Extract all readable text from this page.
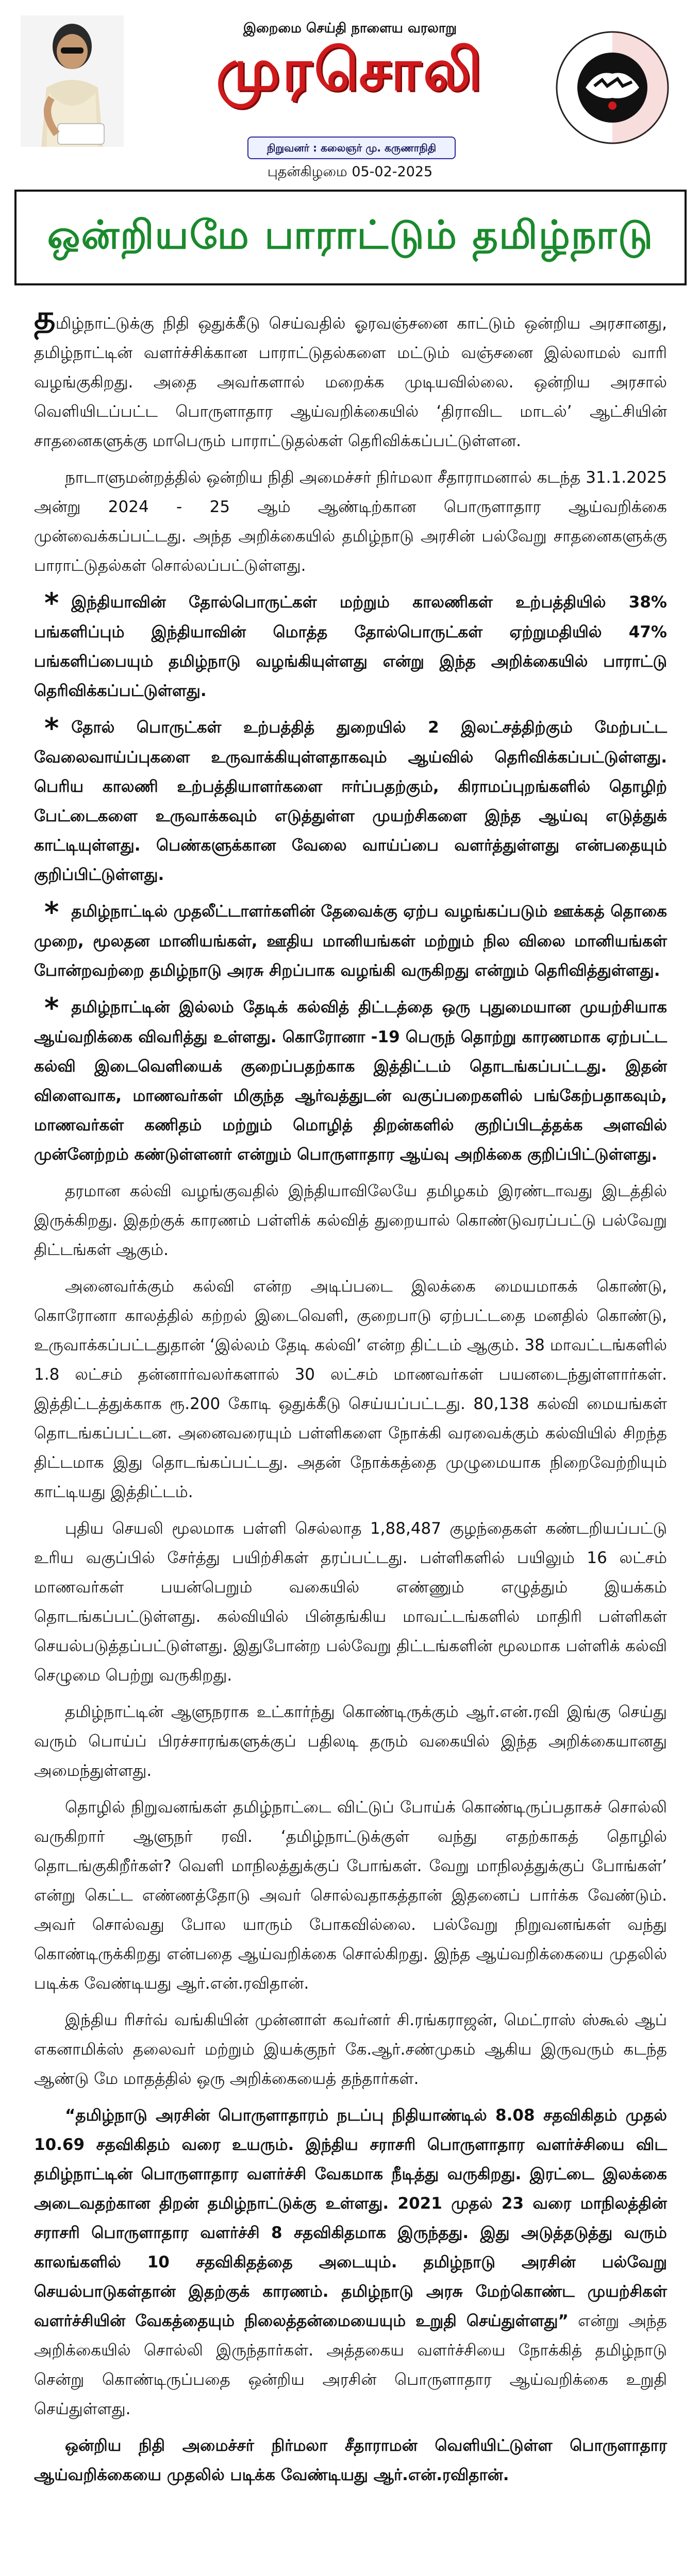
இறைமை செய்தி நாளைய வரலாறு
முரசொலி
நிறுவனர் : கலைஞர் மு. கருணாநிதி
புதன்கிழமை 05-02-2025
ஒன்றியமே பாராட்டும் தமிழ்நாடு

தமிழ்நாட்டுக்கு நிதி ஒதுக்கீடு செய்வதில் ஓரவஞ்சனை காட்டும் ஒன்றிய அரசானது, தமிழ்நாட்டின் வளர்ச்சிக்கான பாராட்டுதல்களை மட்டும் வஞ்சனை இல்லாமல் வாரி வழங்குகிறது. அதை அவர்களால் மறைக்க முடியவில்லை. ஒன்றிய அரசால் வெளியிடப்பட்ட பொருளாதார ஆய்வறிக்கையில் ‘திராவிட மாடல்’ ஆட்சியின் சாதனைகளுக்கு மாபெரும் பாராட்டுதல்கள் தெரிவிக்கப்பட்டுள்ளன.

நாடாளுமன்றத்தில் ஒன்றிய நிதி அமைச்சர் நிர்மலா சீதாராமனால் கடந்த 31.1.2025 அன்று 2024 - 25 ஆம் ஆண்டிற்கான பொருளாதார ஆய்வறிக்கை முன்வைக்கப்பட்டது. அந்த அறிக்கையில் தமிழ்நாடு அரசின் பல்வேறு சாதனைகளுக்கு பாராட்டுதல்கள் சொல்லப்பட்டுள்ளது.

* இந்தியாவின் தோல்பொருட்கள் மற்றும் காலணிகள் உற்பத்தியில் 38% பங்களிப்பும் இந்தியாவின் மொத்த தோல்பொருட்கள் ஏற்றுமதியில் 47% பங்களிப்பையும் தமிழ்நாடு வழங்கியுள்ளது என்று இந்த அறிக்கையில் பாராட்டு தெரிவிக்கப்பட்டுள்ளது.

* தோல் பொருட்கள் உற்பத்தித் துறையில் 2 இலட்சத்திற்கும் மேற்பட்ட வேலைவாய்ப்புகளை உருவாக்கியுள்ளதாகவும் ஆய்வில் தெரிவிக்கப்பட்டுள்ளது. பெரிய காலணி உற்பத்தியாளர்களை ஈர்ப்பதற்கும், கிராமப்புறங்களில் தொழிற் பேட்டைகளை உருவாக்கவும் எடுத்துள்ள முயற்சிகளை இந்த ஆய்வு எடுத்துக் காட்டியுள்ளது. பெண்களுக்கான வேலை வாய்ப்பை வளர்த்துள்ளது என்பதையும் குறிப்பிட்டுள்ளது.

* தமிழ்நாட்டில் முதலீட்டாளர்களின் தேவைக்கு ஏற்ப வழங்கப்படும் ஊக்கத் தொகை முறை, மூலதன மானியங்கள், ஊதிய மானியங்கள் மற்றும் நில விலை மானியங்கள் போன்றவற்றை தமிழ்நாடு அரசு சிறப்பாக வழங்கி வருகிறது என்றும் தெரிவித்துள்ளது.

* தமிழ்நாட்டின் இல்லம் தேடிக் கல்வித் திட்டத்தை ஒரு புதுமையான முயற்சியாக ஆய்வறிக்கை விவரித்து உள்ளது. கொரோனா -19 பெருந் தொற்று காரணமாக ஏற்பட்ட கல்வி இடைவெளியைக் குறைப்பதற்காக இத்திட்டம் தொடங்கப்பட்டது. இதன் விளைவாக, மாணவர்கள் மிகுந்த ஆர்வத்துடன் வகுப்பறைகளில் பங்கேற்பதாகவும், மாணவர்கள் கணிதம் மற்றும் மொழித் திறன்களில் குறிப்பிடத்தக்க அளவில் முன்னேற்றம் கண்டுள்ளனர் என்றும் பொருளாதார ஆய்வு அறிக்கை குறிப்பிட்டுள்ளது.

தரமான கல்வி வழங்குவதில் இந்தியாவிலேயே தமிழகம் இரண்டாவது இடத்தில் இருக்கிறது. இதற்குக் காரணம் பள்ளிக் கல்வித் துறையால் கொண்டுவரப்பட்டு பல்வேறு திட்டங்கள் ஆகும்.

அனைவர்க்கும் கல்வி என்ற அடிப்படை இலக்கை மையமாகக் கொண்டு, கொரோனா காலத்தில் கற்றல் இடைவெளி, குறைபாடு ஏற்பட்டதை மனதில் கொண்டு, உருவாக்கப்பட்டதுதான் ‘இல்லம் தேடி கல்வி’ என்ற திட்டம் ஆகும். 38 மாவட்டங்களில் 1.8 லட்சம் தன்னார்வலர்களால் 30 லட்சம் மாணவர்கள் பயனடைந்துள்ளார்கள். இத்திட்டத்துக்காக ரூ.200 கோடி ஒதுக்கீடு செய்யப்பட்டது. 80,138 கல்வி மையங்கள் தொடங்கப்பட்டன. அனைவரையும் பள்ளிகளை நோக்கி வரவைக்கும் கல்வியில் சிறந்த திட்டமாக இது தொடங்கப்பட்டது. அதன் நோக்கத்தை முழுமையாக நிறைவேற்றியும் காட்டியது இத்திட்டம்.

புதிய செயலி மூலமாக பள்ளி செல்லாத 1,88,487 குழந்தைகள் கண்டறியப்பட்டு உரிய வகுப்பில் சேர்த்து பயிற்சிகள் தரப்பட்டது. பள்ளிகளில் பயிலும் 16 லட்சம் மாணவர்கள் பயன்பெறும் வகையில் எண்ணும் எழுத்தும் இயக்கம் தொடங்கப்பட்டுள்ளது. கல்வியில் பின்தங்கிய மாவட்டங்களில் மாதிரி பள்ளிகள் செயல்படுத்தப்பட்டுள்ளது. இதுபோன்ற பல்வேறு திட்டங்களின் மூலமாக பள்ளிக் கல்வி செழுமை பெற்று வருகிறது.

தமிழ்நாட்டின் ஆளுநராக உட்கார்ந்து கொண்டிருக்கும் ஆர்.என்.ரவி இங்கு செய்து வரும் பொய்ப் பிரச்சாரங்களுக்குப் பதிலடி தரும் வகையில் இந்த அறிக்கையானது அமைந்துள்ளது.

தொழில் நிறுவனங்கள் தமிழ்நாட்டை விட்டுப் போய்க் கொண்டிருப்பதாகச் சொல்லி வருகிறார் ஆளுநர் ரவி. ‘தமிழ்நாட்டுக்குள் வந்து எதற்காகத் தொழில் தொடங்குகிறீர்கள்? வெளி மாநிலத்துக்குப் போங்கள். வேறு மாநிலத்துக்குப் போங்கள்’ என்று கெட்ட எண்ணத்தோடு அவர் சொல்வதாகத்தான் இதனைப் பார்க்க வேண்டும். அவர் சொல்வது போல யாரும் போகவில்லை. பல்வேறு நிறுவனங்கள் வந்து கொண்டிருக்கிறது என்பதை ஆய்வறிக்கை சொல்கிறது. இந்த ஆய்வறிக்கையை முதலில் படிக்க வேண்டியது ஆர்.என்.ரவிதான்.

இந்திய ரிசர்வ் வங்கியின் முன்னாள் கவர்னர் சி.ரங்கராஜன், மெட்ராஸ் ஸ்கூல் ஆப் எகனாமிக்ஸ் தலைவர் மற்றும் இயக்குநர் கே.ஆர்.சண்முகம் ஆகிய இருவரும் கடந்த ஆண்டு மே மாதத்தில் ஒரு அறிக்கையைத் தந்தார்கள்.

“தமிழ்நாடு அரசின் பொருளாதாரம் நடப்பு நிதியாண்டில் 8.08 சதவிகிதம் முதல் 10.69 சதவிகிதம் வரை உயரும். இந்திய சராசரி பொருளாதார வளர்ச்சியை விட தமிழ்நாட்டின் பொருளாதார வளர்ச்சி வேகமாக நீடித்து வருகிறது. இரட்டை இலக்கை அடைவதற்கான திறன் தமிழ்நாட்டுக்கு உள்ளது. 2021 முதல் 23 வரை மாநிலத்தின் சராசரி பொருளாதார வளர்ச்சி 8 சதவிகிதமாக இருந்தது. இது அடுத்தடுத்து வரும் காலங்களில் 10 சதவிகிதத்தை அடையும். தமிழ்நாடு அரசின் பல்வேறு செயல்பாடுகள்தான் இதற்குக் காரணம். தமிழ்நாடு அரசு மேற்கொண்ட முயற்சிகள் வளர்ச்சியின் வேகத்தையும் நிலைத்தன்மையையும் உறுதி செய்துள்ளது” என்று அந்த அறிக்கையில் சொல்லி இருந்தார்கள். அத்தகைய வளர்ச்சியை நோக்கித் தமிழ்நாடு சென்று கொண்டிருப்பதை ஒன்றிய அரசின் பொருளாதார ஆய்வறிக்கை உறுதி செய்துள்ளது.

ஒன்றிய நிதி அமைச்சர் நிர்மலா சீதாராமன் வெளியிட்டுள்ள பொருளாதார ஆய்வறிக்கையை முதலில் படிக்க வேண்டியது ஆர்.என்.ரவிதான்.
